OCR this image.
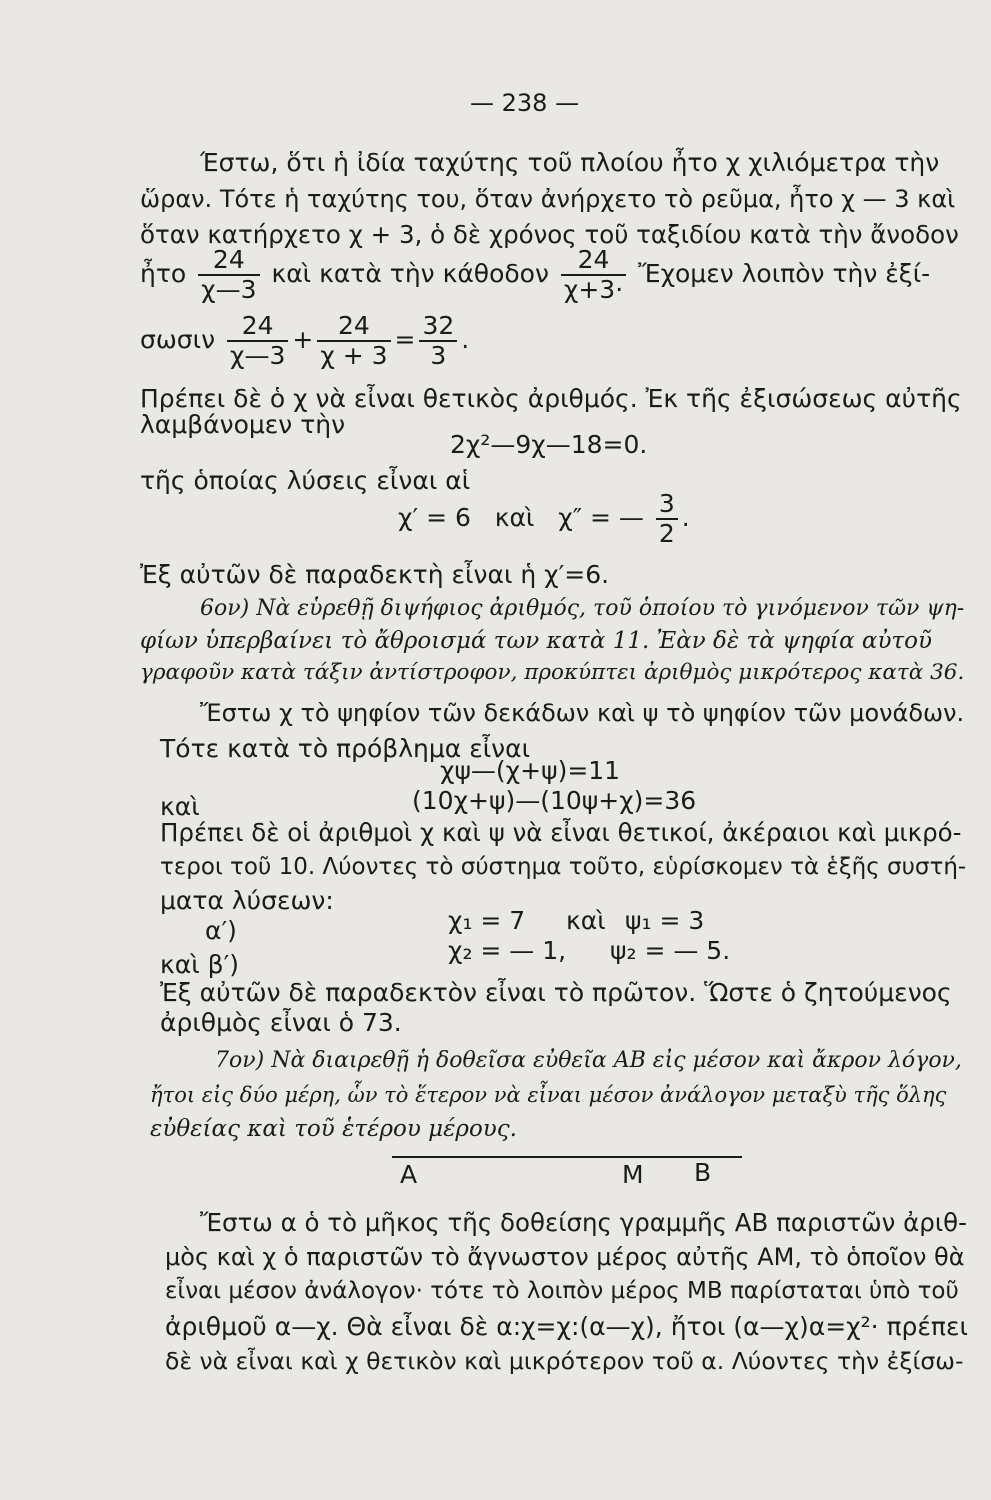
— 238 —
Έστω, ὅτι ἡ ἰδία ταχύτης τοῦ πλοίου ἦτο χ χιλιόμετρα τὴν
ὥραν. Τότε ἡ ταχύτης του, ὅταν ἀνήρχετο τὸ ρεῦμα, ἦτο χ — 3 καὶ
ὅταν κατήρχετο χ + 3, ὁ δὲ χρόνος τοῦ ταξιδίου κατὰ τὴν ἄνοδον
ἦτο $\frac{24}{\chi—3}$ καὶ κατὰ τὴν κάθοδον $\frac{24}{\chi+3\cdot}$ Ἔχομεν λοιπὸν τὴν ἐξί-
σωσιν $\frac{24}{\chi—3} + \frac{24}{\chi + 3} = \frac{32}{3}$ .
Πρέπει δὲ ὁ χ νὰ εἶναι θετικὸς ἀριθμός. Ἐκ τῆς ἐξισώσεως αὐτῆς
λαμβάνομεν τὴν
2χ²—9χ—18=0.
τῆς ὁποίας λύσεις εἶναι αἱ
χ′ = 6 καὶ χ″ = — $\frac{3}{2}$ .
Ἐξ αὐτῶν δὲ παραδεκτὴ εἶναι ἡ χ′=6.
6ον) Νὰ εὑρεθῇ διψήφιος ἀριθμός, τοῦ ὁποίου τὸ γινόμενον τῶν ψη-
φίων ὑπερβαίνει τὸ ἄθροισμά των κατὰ 11. Ἐὰν δὲ τὰ ψηφία αὐτοῦ
γραφοῦν κατὰ τάξιν ἀντίστροφον, προκύπτει ἀριθμὸς μικρότερος κατὰ 36.
Ἔστω χ τὸ ψηφίον τῶν δεκάδων καὶ ψ τὸ ψηφίον τῶν μονάδων.
Τότε κατὰ τὸ πρόβλημα εἶναι
χψ—(χ+ψ)=11
καὶ	(10χ+ψ)—(10ψ+χ)=36
Πρέπει δὲ οἱ ἀριθμοὶ χ καὶ ψ νὰ εἶναι θετικοί, ἀκέραιοι καὶ μικρό-
τεροι τοῦ 10. Λύοντες τὸ σύστημα τοῦτο, εὑρίσκομεν τὰ ἑξῆς συστή-
ματα λύσεων:
α′)	χ₁ = 7 καὶ ψ₁ = 3
καὶ β′)	χ₂ = — 1, ψ₂ = — 5.
Ἐξ αὐτῶν δὲ παραδεκτὸν εἶναι τὸ πρῶτον. Ὥστε ὁ ζητούμενος
ἀριθμὸς εἶναι ὁ 73.
7ον) Νὰ διαιρεθῇ ἡ δοθεῖσα εὐθεῖα ΑΒ εἰς μέσον καὶ ἄκρον λόγον,
ἤτοι εἰς δύο μέρη, ὧν τὸ ἕτερον νὰ εἶναι μέσον ἀνάλογον μεταξὺ τῆς ὅλης
εὐθείας καὶ τοῦ ἑτέρου μέρους.
A	M B
Ἔστω α ὁ τὸ μῆκος τῆς δοθείσης γραμμῆς ΑΒ παριστῶν ἀριθ-
μὸς καὶ χ ὁ παριστῶν τὸ ἄγνωστον μέρος αὐτῆς ΑΜ, τὸ ὁποῖον θὰ
εἶναι μέσον ἀνάλογον· τότε τὸ λοιπὸν μέρος ΜΒ παρίσταται ὑπὸ τοῦ
ἀριθμοῦ α—χ. Θὰ εἶναι δὲ α:χ=χ:(α—χ), ἤτοι (α—χ)α=χ²· πρέπει
δὲ νὰ εἶναι καὶ χ θετικὸν καὶ μικρότερον τοῦ α. Λύοντες τὴν ἐξίσω-
